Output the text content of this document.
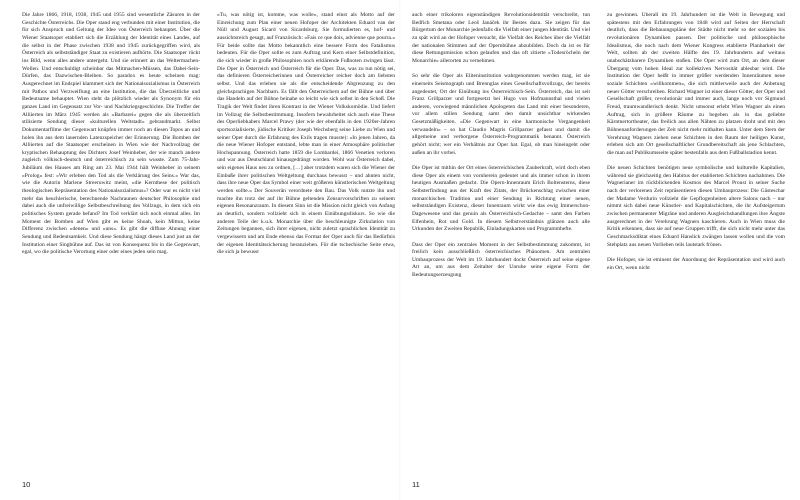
Die Jahre 1866, 1918, 1938, 1945 und 1955 sind wesentliche Zäsuren in der Geschichte Österreichs. Die Oper stand eng verbunden mit einer Institution, die für sich Anspruch und Geltung der Idee von Österreich behauptet. Über die Wiener Staatsoper etabliert sich die Erzählung der Identität eines Landes, auf die selbst in der Phase zwischen 1938 und 1945 zurückgegriffen wird, als Österreich als selbstständiger Staat zu existieren aufhörte. Die Staatsoper rückt ins Bild, wenn alles andere untergeht. Und sie erinnert an das Weltermachen-Wollen. Und entschuldigt scheinbar das Mitmachen-Müssen, das Dabei-Sein-Dürfen, das Dazwischen-Bleiben. So paradox es heute scheinen mag: Ausgerechnet im Endspiel klammert sich der Nationalsozialismus in Österreich mit Pathos und Verzweiflung an eine Institution, die das Überzeitliche und Bedeutsame behauptet. Wien steht da plötzlich wieder als Synonym für ein ganzes Land im Gegensatz zur Vor- und Nachkriegsgeschichte. Die Treffer der Alliierten im März 1945 werden als »Barbarei« gegen die als überzeitlich stilisierte Sendung dieser »kulturellen Weltstadt« gebrandmarkt. Selbst Dokumentarfilme der Gegenwart knüpfen immer noch an diesen Topos an und holen ihn aus dem lauernden Latenzspeicher der Erinnerung. Die Bomben der Alliierten auf die Staatsoper erscheinen in Wien wie der Nachvollzug der kryptischen Behauptung des Dichters Josef Weinheber, der wie manch andere zugleich völkisch-deutsch und österreichisch zu sein wusste. Zum 75-Jahr-Jubiläum des Hauses am Ring am 23. Mai 1944 hält Weinheber in seinem »Prolog« fest: »Wir erleben den Tod als die Verklärung des Seins.« War das, wie die Autorin Marlene Streeruwitz meint, »die Kernthese der politisch theologischen Repräsentation des Nationalsozialismus«? Oder war es nicht viel mehr das heuchlerische, berechnende Nachraunen deutscher Philosophie und dabei auch die unfreiwillige Selbstbeschreibung des Vollzugs, in dem sich ein politisches System gerade befand? Im Tod verklärt sich noch einmal alles. Im Moment der Bomben auf Wien gibt es keine Shoah, kein Mittun, keine Differenz zwischen »denen« und »uns«. Es gibt die diffuse Ahnung einer Sendung und Bedeutsamkeit. Und diese Sendung hängt dieses Land just an der Institution einer Singbühne auf. Das ist von Konsequenz bis in die Gegenwart, egal, wo die politische Verortung einer oder eines jeden sein mag.

»Tu, was nötig ist, komme, was wolle«, stand einst als Motto auf der Einreichung zum Plan einer neuen Hofoper der Architekten Eduard van der Nüll und August Sicard von Sicardsburg. Sie formulierten es, hof- und aussichtsreich gesagt, auf Französisch: »Fais ce que dois, advienne que pourra.« Für beide sollte das Motto bekanntlich eine bessere Form des Fatalismus bedeuten. Für die Oper sollte es zum Auftrag und Kern einer Selbstdefinition, die sich wieder in große Philosophien noch erklärende Fußnoten zwingen lässt. Die Oper in Österreich und Österreich für die Oper. Das, was zu tun nötig sei, das definieren Österreicherinnen und Österreicher reicher doch am liebsten selbst. Und das erleben sie als die entscheidende Abgrenzung zu den gleichsprachigen Nachbarn. Es fällt den Österreichern auf der Bühne und über das Handeln auf der Bühne beinahe so leicht wie sich selbst in den Schoß. Die Tragik der Welt findet ihren Kontrast in der Wiener Volkskomödie. Und liefert im Vollzug die Selbstbestimmung. Insofern bewahrheitet sich auch eine These des Operliebhabers Marcel Prawy (der wie der ebenfalls in den 1920er-Jahren sportsozialisierte, jüdische Kritiker Joseph Wechsberg seine Liebe zu Wien und seiner Oper durch die Erfahrung des Exils tragen musste): »In jenen Jahren, da die neue Wiener Hofoper entstand, lebte man in einer Atmosphäre politischer Hochspannung. Österreich hatte 1859 die Lombardei, 1866 Venetien verloren und war aus Deutschland hinausgedrängt worden. Wohl war Österreich dabei, sein eigenes Haus neu zu ordnen, […] aber trotzdem waren sich die Wiener der Einbuße ihrer politischen Weltgeltung durchaus bewusst – und ahnten nicht, dass ihre neue Oper das Symbol einer weit größeren künstlerischen Weltgeltung werden sollte.« Der Souverän verordnete den Bau. Das Volk nutzte ihn und machte ihn trotz der auf ihr Bühne geltenden Zensurvorschriften zu seinem eigenen Resonanzraum. In diesem Sinn ist die Mission nicht gleich von Anfang an deutlich, sondern vollzieht sich in einem Einübungsdiskurs. So wie die anderen Teile der k.u.k. Monarchie über die beschleunigte Zirkulation von Zeitungen begannen, sich ihrer eigenen, nicht zuletzt sprachlichen Identität zu vergewissern und am Ende ebenso das Format der Oper auch für das Bedürfnis der eigenen Identitätssicherung heranziehen. Für die tschechische Seite etwa, die sich ja bewusst

auch einer trikoloren eigenständigen Revolutionsidentität verschreibt, tun Bedřich Smetana oder Leoš Janáček ihr Bestes dazu. Sie zeigen für das Bürgertum der Monarchie jedenfalls die Vielfalt einer jungen Identität. Und viel zu spät wird an der Hofoper versucht, die Vielfalt des Reiches über die Vielfalt der nationalen Stimmen auf der Opernbühne abzubilden. Doch da ist es für diese Rettungsmission schon gelaufen und das oft zitierte »Todesröcheln der Monarchie« allerorten zu vernehmen.

So sehr die Oper als Eliteninstitution wahrgenommen werden mag, ist sie einerseits Seismograph und Brennglas eines Gesellschaftsvollzugs, der bereits angedeutet, Ort der Einübung ins Österreichisch-Sein. Österreich, das ist seit Franz Grillparzer und fortgesetzt bei Hugo von Hofmannsthal und vielen anderen, vorwiegend männlichen Apologeten das Land mit einer besonderen, vor allem stillen Sendung samt den damit unsichtbar wirkenden Gesetzmäßigkeiten. »Die Gegenwart in eine harmonische Vergangenheit verwandeln« – so hat Claudio Magris Grillparzer gefasst und damit die allgemeine und verborgene Österreich-Programmatik benannt. Österreich gehört nicht; wer ein Verhältnis zur Oper hat. Egal, ob man hineingeht oder außen an ihr vorbei.

Die Oper ist mithin der Ort eines österreichischen Zauberkraft, wird doch eben diese Oper als einem von vornherein gedeutet und als immer schon in ihrem heutigen Ausmaßen gedacht. Die Opern-Innenraum Erich Boltensterns, diese Selbsterfindung aus der Kraft des Zitats, der Brückenschlag zwischen einer monarchischen Tradition und einer Sendung in Richtung einer neuen, selbstständigen Existenz, dieser Innenraum wirkt wie das ewig Immerschon-Dagewesene und das genuin als Österreichisch-Gedachte – samt den Farben Elfenbein, Rot und Gold. In diesem Selbstverständnis glänzen auch alle Urkunden der Zweiten Republik, Einladungskarten und Programmhefte.

Dass der Oper ein zentrales Moment in der Selbstbestimmung zukommt, ist freilich kein ausschließlich österreichisches Phänomen. Am zentralen Umbauprozess der Welt im 19. Jahrhundert dockt Österreich auf seine eigene Art an, um aus dem Zeitalter der Unruhe seine eigene Form der Bedeutungserzeugung

zu gewinnen. Überall im 19. Jahrhundert ist die Welt in Bewegung und spätestens mit den Erfahrungen von 1848 wird auf Seiten der Herrschaft deutlich, dass die Bebauungspläne der Städte nicht mehr so der sozialen bis revolutionären Dynamiken passen. Der politische und philosophische Idealismus, die noch nach dem Wiener Kongress etablierte Planbarkeit der Welt, sollten ab der zweiten Hälfte des 19. Jahrhunderts auf weitaus unabschätzbarere Dynamiken stoßen. Die Oper wird zum Ort, an dem dieser Übergang vom hohen Ideal zur kollektiven Nervosität ablesbar wird. Die Institution der Oper heißt in immer größer werdenden Innenräumen neue soziale Schichten »willkommen«, die sich mittlerweile auch der Anbetung neuer Götter verschreiben. Richard Wagner ist einer dieser Götter, der Oper und Gesellschaft größer, revolutionär und immer auch, lange noch vor Sigmund Freud, traumwandlerisch denkt. Nicht umsonst erlebt Wien Wagner als einen Auftrag, sich in größere Räume zu begeben als in das geliebte Kärntnertortheater, das freilich aus allen Nähten zu platzen droht und mit den Bühnenanforderungen der Zeit nicht mehr mithalten kann. Unter dem Stern der Verehrung Wagners ziehen neue Schichten in den Raum der heiligen Kunst, erleben sich am Ort gesellschaftlicher Grundbereitschaft als jene Schlachten, die man auf Publikumsseite später bestenfalls aus dem Fußballstadion kennt.

Die neuen Schichten benötigen neue symbolische und kulturelle Kapitalien, während sie gleichzeitig den Habitus der etablierten Schichten nachahmen. Die Wagnerianer im rückblickenden Kosmos des Marcel Proust in seiner Suche nach der verlorenen Zeit repräsentieren diesen Umbauprozess: Die Gästeschar der Madame Verdurin vollzieht die Gepflogenheiten altere Salons nach – nur nimmt sich dabei neue Künstler- und Kapitalschichten, die ihr Aufsteigertum zwischen permanenter Migräne und anderen Ausgleichshandlungen ihre Ängste ausgerechnet in der Verehrung Wagners kaschieren. Auch in Wien muss die Kritik erkennen, dass sie auf neue Gruppen trifft, die sich nicht mehr unter das Geschmacksdiktat eines Eduard Hanslick zwängen lassen wollen und die vom Stehplatz aus neuen Vorlieben teils lautstark frönen.

Die Hofoper, sie ist eminent der Anordnung der Repräsentation und wird auch ein Ort, wenn nicht

10	11
